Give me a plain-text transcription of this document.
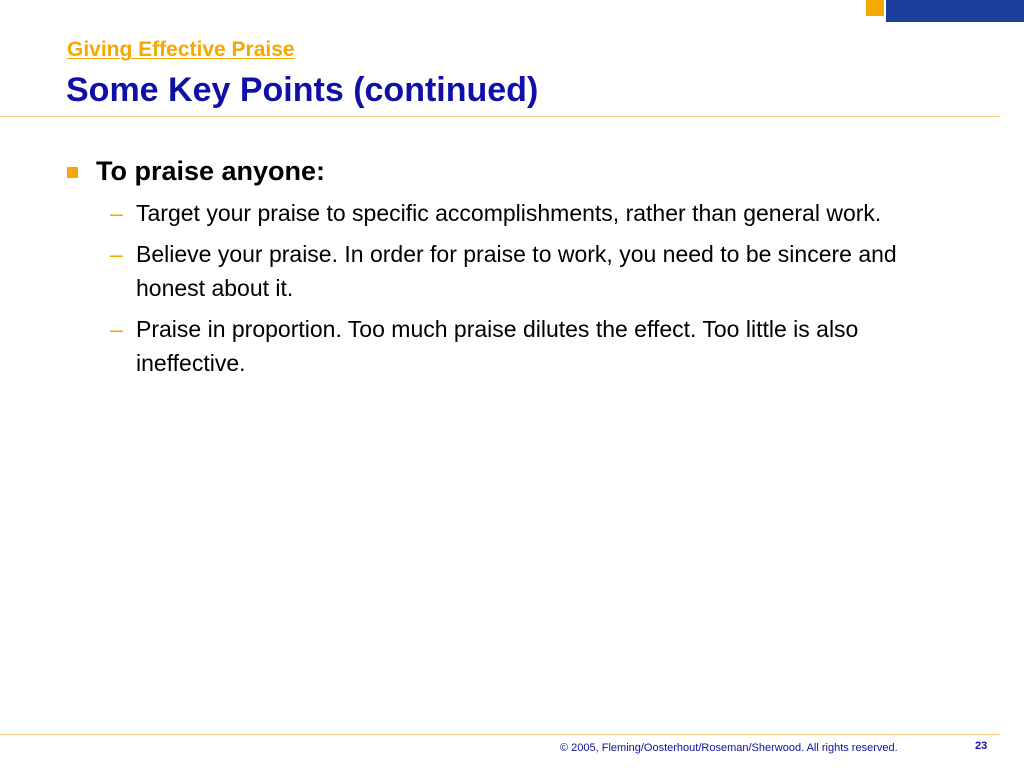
Giving Effective Praise
Some Key Points (continued)
To praise anyone:
– Target your praise to specific accomplishments, rather than general work.
– Believe your praise. In order for praise to work, you need to be sincere and honest about it.
– Praise in proportion. Too much praise dilutes the effect. Too little is also ineffective.
© 2005, Fleming/Oosterhout/Roseman/Sherwood. All rights reserved.	23
